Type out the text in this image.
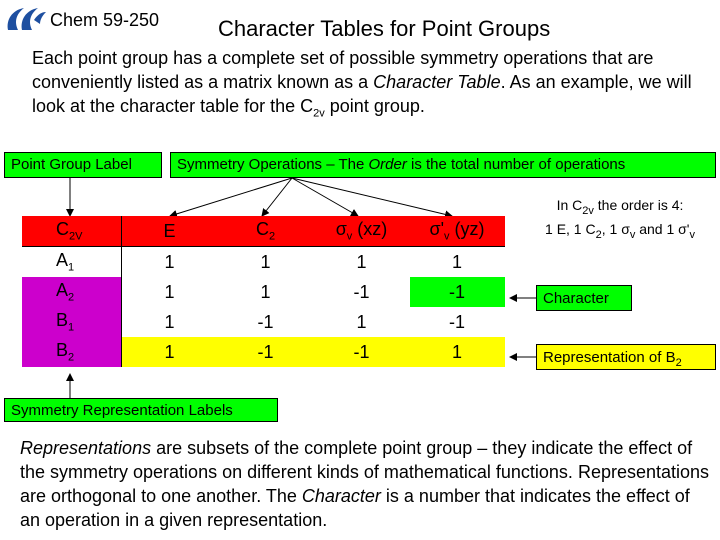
Chem 59-250	Character Tables for Point Groups
Each point group has a complete set of possible symmetry operations that are conveniently listed as a matrix known as a Character Table. As an example, we will look at the character table for the $C_{2v}$ point group.
Point Group Label	Symmetry Operations – The Order is the total number of operations
In $C_{2v}$ the order is 4:
1 E, 1 $C_2$, 1 $\sigma_v$ and 1 $\sigma'_v$
$C_{2V}$	E	$C_2$	$\sigma_v$ (xz)	$\sigma'_v$ (yz)
$A_1$	1	1	1	1
$A_2$	1	1	-1	-1
$B_1$	1	-1	1	-1
$B_2$	1	-1	-1	1
Character
Representation of $B_2$
Symmetry Representation Labels
Representations are subsets of the complete point group – they indicate the effect of the symmetry operations on different kinds of mathematical functions. Representations are orthogonal to one another. The Character is a number that indicates the effect of an operation in a given representation.
